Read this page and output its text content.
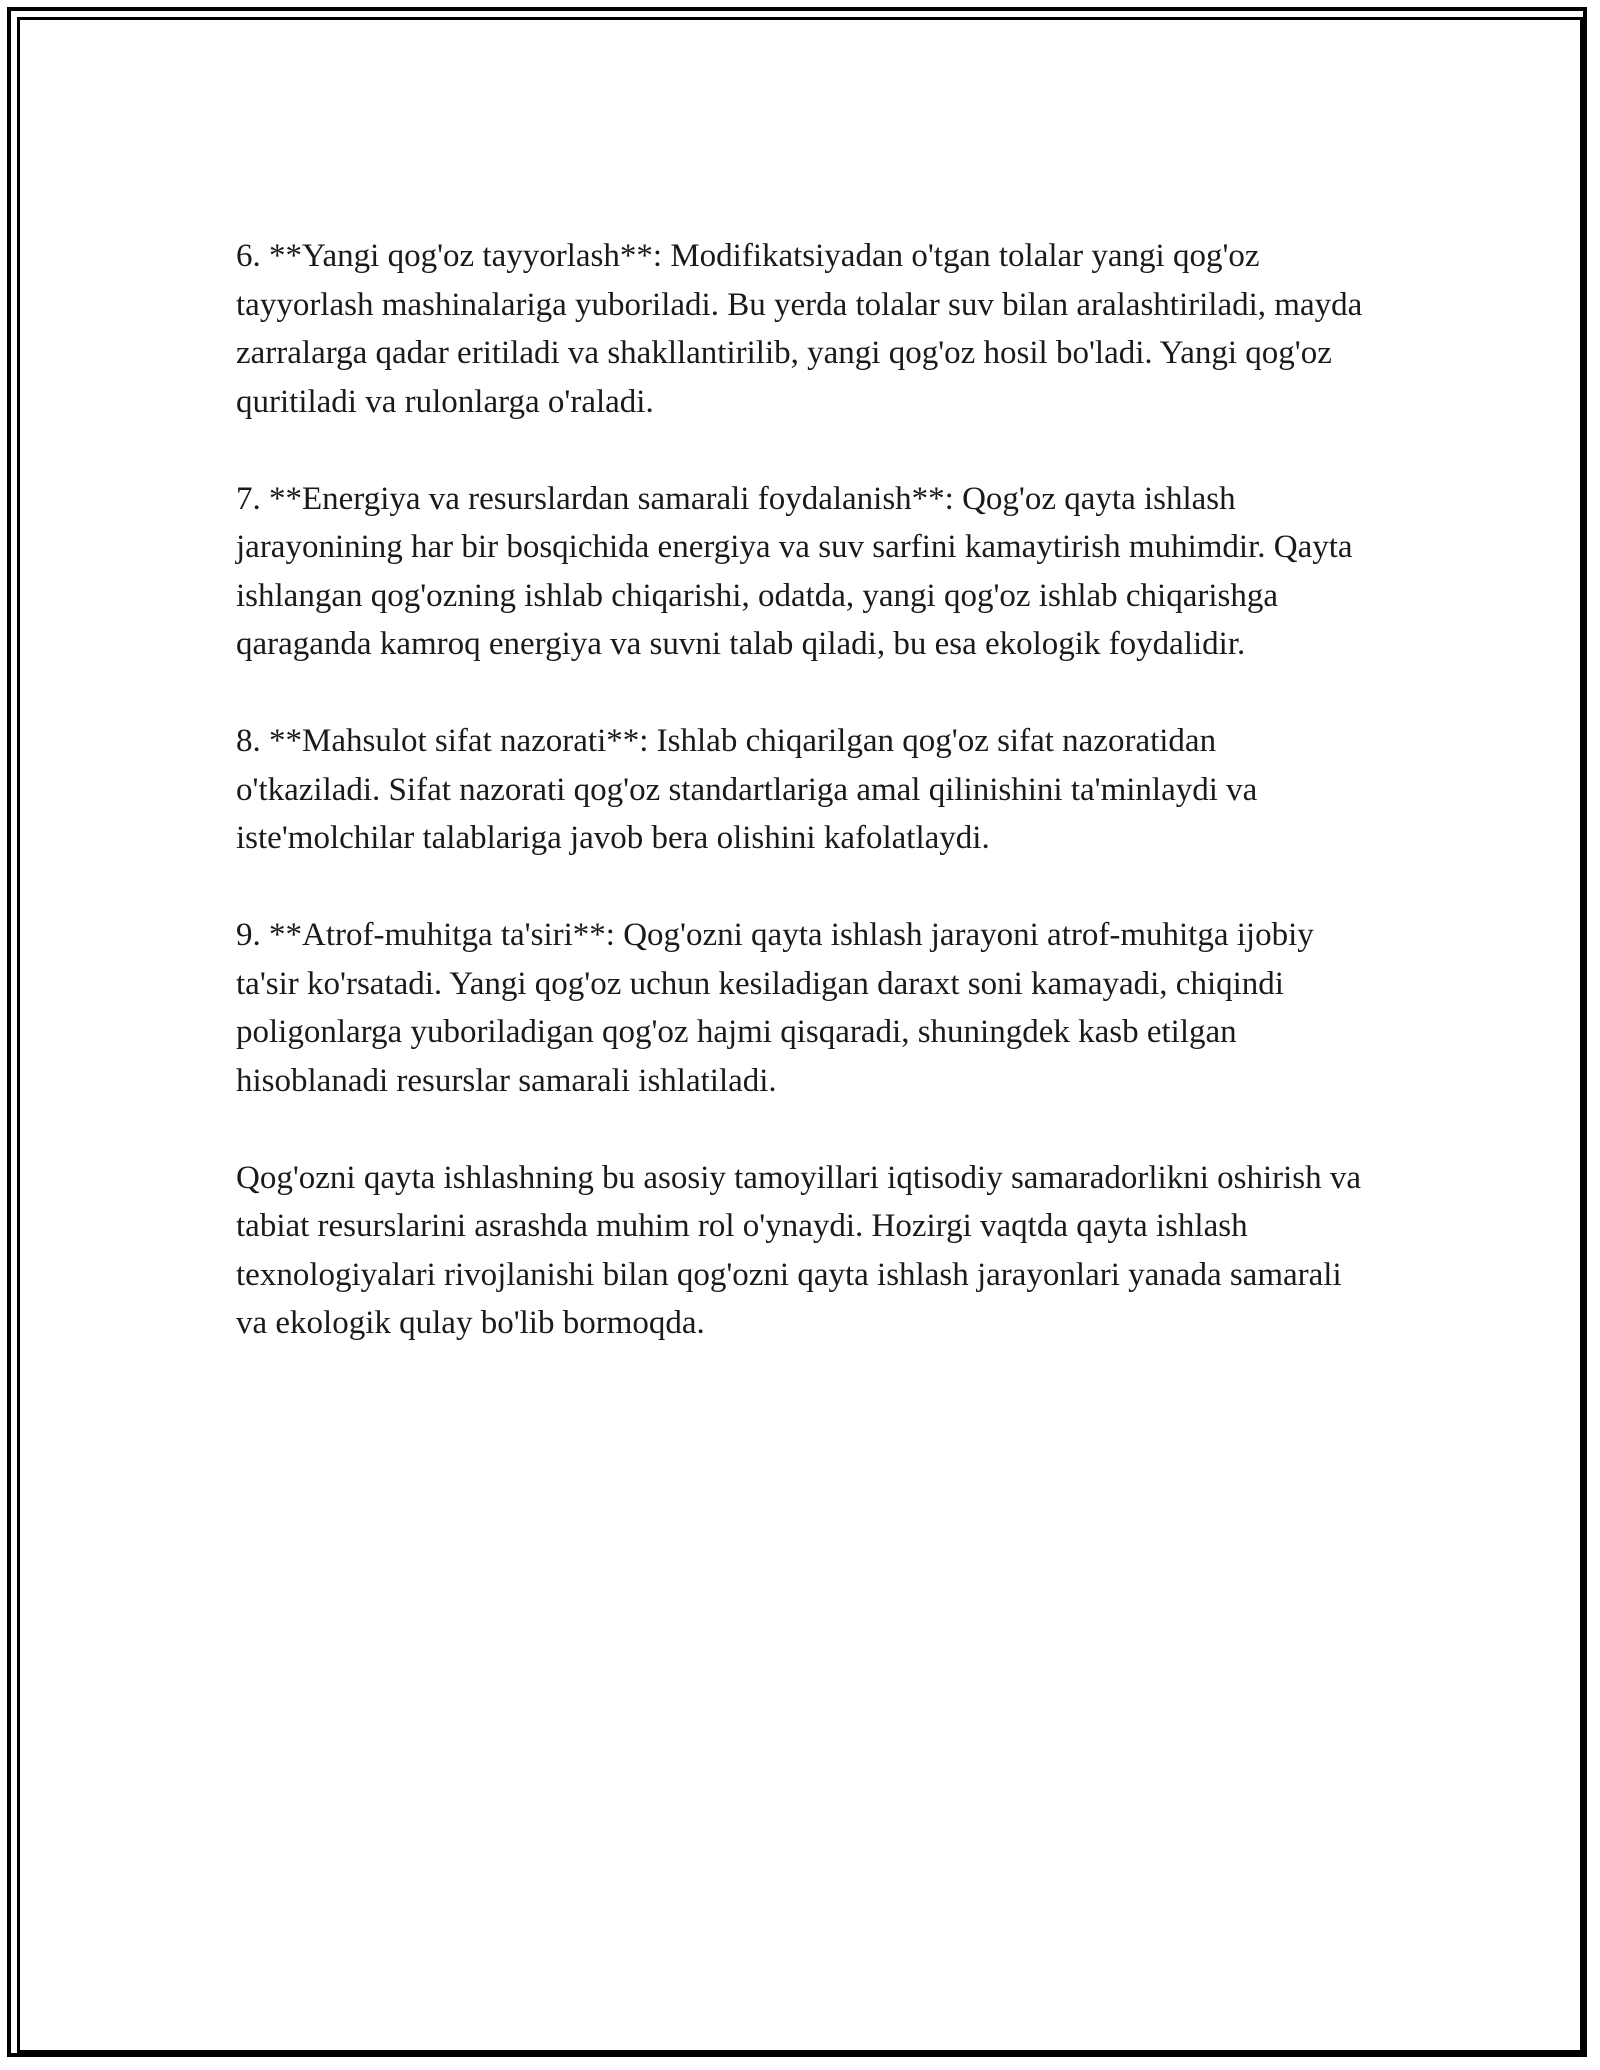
6. **Yangi qog'oz tayyorlash**: Modifikatsiyadan o'tgan tolalar yangi qog'oz tayyorlash mashinalariga yuboriladi. Bu yerda tolalar suv bilan aralashtiriladi, mayda zarralarga qadar eritiladi va shakllantirilib, yangi qog'oz hosil bo'ladi. Yangi qog'oz quritiladi va rulonlarga o'raladi.

7. **Energiya va resurslardan samarali foydalanish**: Qog'oz qayta ishlash jarayonining har bir bosqichida energiya va suv sarfini kamaytirish muhimdir. Qayta ishlangan qog'ozning ishlab chiqarishi, odatda, yangi qog'oz ishlab chiqarishga qaraganda kamroq energiya va suvni talab qiladi, bu esa ekologik foydalidir.

8. **Mahsulot sifat nazorati**: Ishlab chiqarilgan qog'oz sifat nazoratidan o'tkaziladi. Sifat nazorati qog'oz standartlariga amal qilinishini ta'minlaydi va iste'molchilar talablariga javob bera olishini kafolatlaydi.

9. **Atrof-muhitga ta'siri**: Qog'ozni qayta ishlash jarayoni atrof-muhitga ijobiy ta'sir ko'rsatadi. Yangi qog'oz uchun kesiladigan daraxt soni kamayadi, chiqindi poligonlarga yuboriladigan qog'oz hajmi qisqaradi, shuningdek kasb etilgan hisoblanadi resurslar samarali ishlatiladi.

Qog'ozni qayta ishlashning bu asosiy tamoyillari iqtisodiy samaradorlikni oshirish va tabiat resurslarini asrashda muhim rol o'ynaydi. Hozirgi vaqtda qayta ishlash texnologiyalari rivojlanishi bilan qog'ozni qayta ishlash jarayonlari yanada samarali va ekologik qulay bo'lib bormoqda.
